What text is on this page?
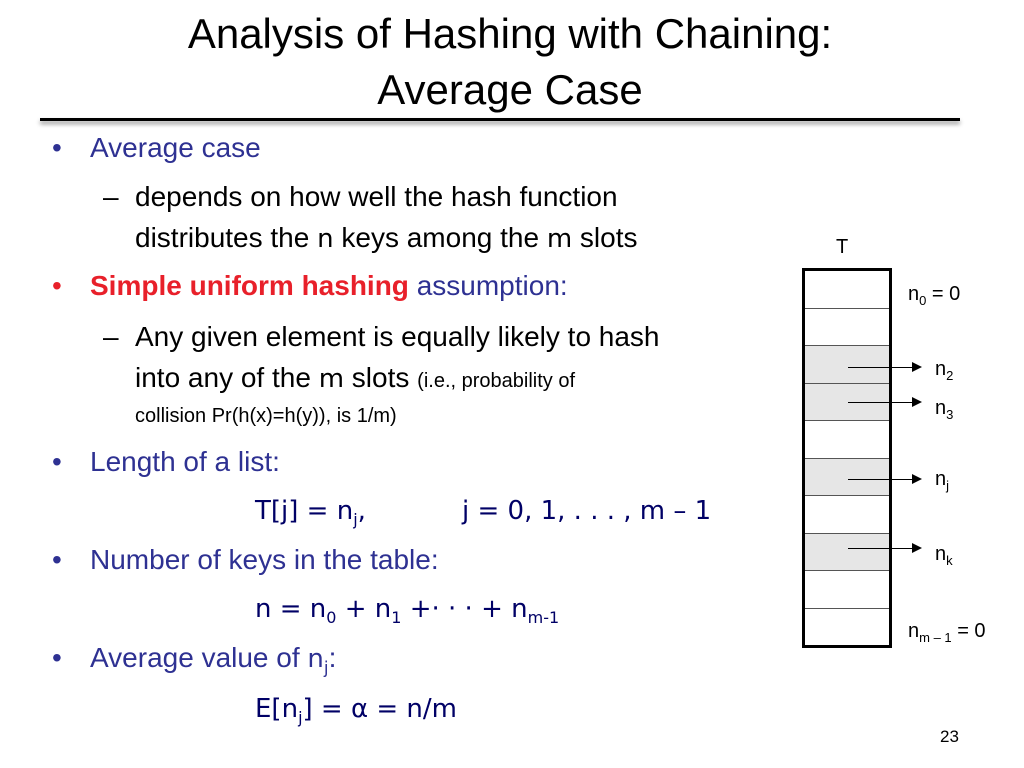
Analysis of Hashing with Chaining:
Average Case
• Average case
– depends on how well the hash function
distributes the n keys among the m slots
• Simple uniform hashing assumption:
– Any given element is equally likely to hash
into any of the m slots (i.e., probability of
collision Pr(h(x)=h(y)), is 1/m)
• Length of a list:
$T[j] = n_j$,	j = 0, 1, . . . , m – 1
• Number of keys in the table:
$n = n_0 + n_1$ +· · · + $n_{m-1}$
• Average value of $n_j$:
$E[n_j] = \alpha = n/m$
T
$n_0 = 0$
$n_2$
$n_3$
$n_j$
$n_k$
$n_{m - 1} = 0$
23
